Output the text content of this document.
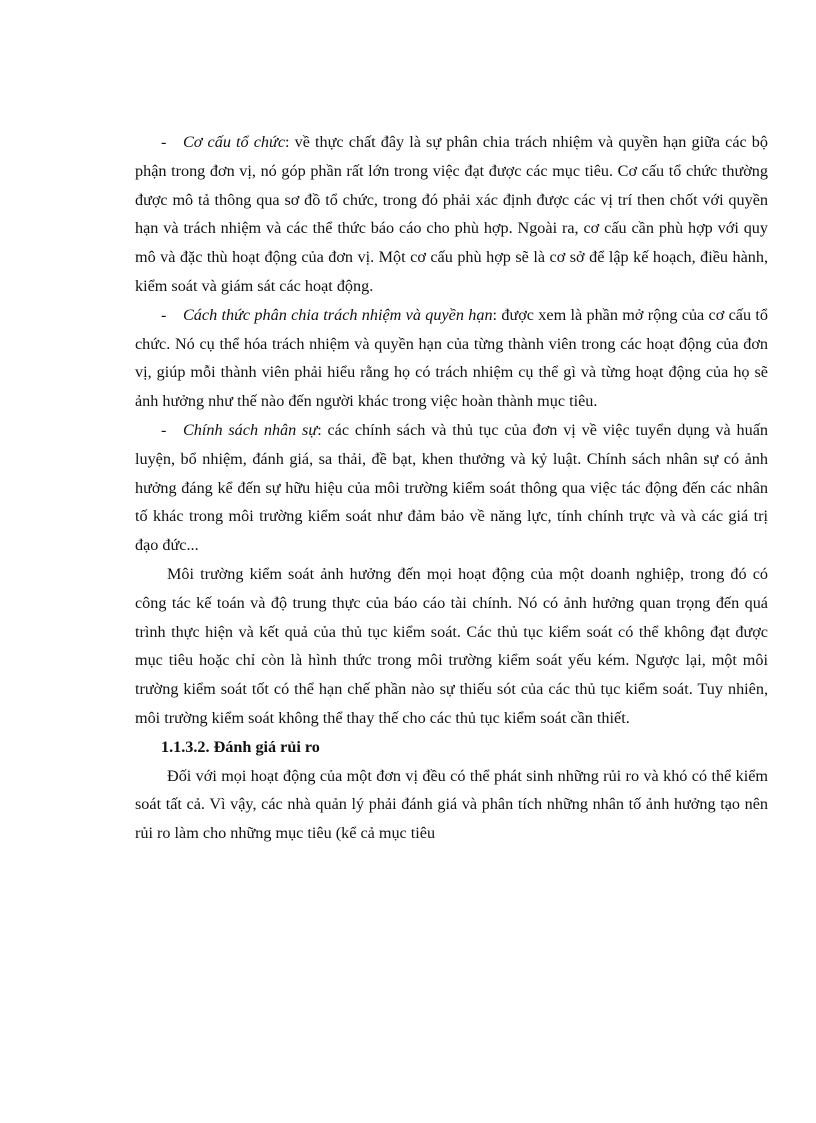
- Cơ cấu tổ chức: về thực chất đây là sự phân chia trách nhiệm và quyền hạn giữa các bộ phận trong đơn vị, nó góp phần rất lớn trong việc đạt được các mục tiêu. Cơ cấu tổ chức thường được mô tả thông qua sơ đồ tổ chức, trong đó phải xác định được các vị trí then chốt với quyền hạn và trách nhiệm và các thể thức báo cáo cho phù hợp. Ngoài ra, cơ cấu cần phù hợp với quy mô và đặc thù hoạt động của đơn vị. Một cơ cấu phù hợp sẽ là cơ sở để lập kế hoạch, điều hành, kiểm soát và giám sát các hoạt động.

- Cách thức phân chia trách nhiệm và quyền hạn: được xem là phần mở rộng của cơ cấu tổ chức. Nó cụ thể hóa trách nhiệm và quyền hạn của từng thành viên trong các hoạt động của đơn vị, giúp mỗi thành viên phải hiểu rằng họ có trách nhiệm cụ thể gì và từng hoạt động của họ sẽ ảnh hưởng như thế nào đến người khác trong việc hoàn thành mục tiêu.

- Chính sách nhân sự: các chính sách và thủ tục của đơn vị về việc tuyển dụng và huấn luyện, bổ nhiệm, đánh giá, sa thải, đề bạt, khen thưởng và kỷ luật. Chính sách nhân sự có ảnh hưởng đáng kể đến sự hữu hiệu của môi trường kiểm soát thông qua việc tác động đến các nhân tố khác trong môi trường kiểm soát như đảm bảo về năng lực, tính chính trực và và các giá trị đạo đức...

Môi trường kiểm soát ảnh hưởng đến mọi hoạt động của một doanh nghiệp, trong đó có công tác kế toán và độ trung thực của báo cáo tài chính. Nó có ảnh hưởng quan trọng đến quá trình thực hiện và kết quả của thủ tục kiểm soát. Các thủ tục kiểm soát có thể không đạt được mục tiêu hoặc chỉ còn là hình thức trong môi trường kiểm soát yếu kém. Ngược lại, một môi trường kiểm soát tốt có thể hạn chế phần nào sự thiếu sót của các thủ tục kiểm soát. Tuy nhiên, môi trường kiểm soát không thể thay thế cho các thủ tục kiểm soát cần thiết.

1.1.3.2. Đánh giá rủi ro

Đối với mọi hoạt động của một đơn vị đều có thể phát sinh những rủi ro và khó có thể kiểm soát tất cả. Vì vậy, các nhà quản lý phải đánh giá và phân tích những nhân tố ảnh hưởng tạo nên rủi ro làm cho những mục tiêu (kể cả mục tiêu
